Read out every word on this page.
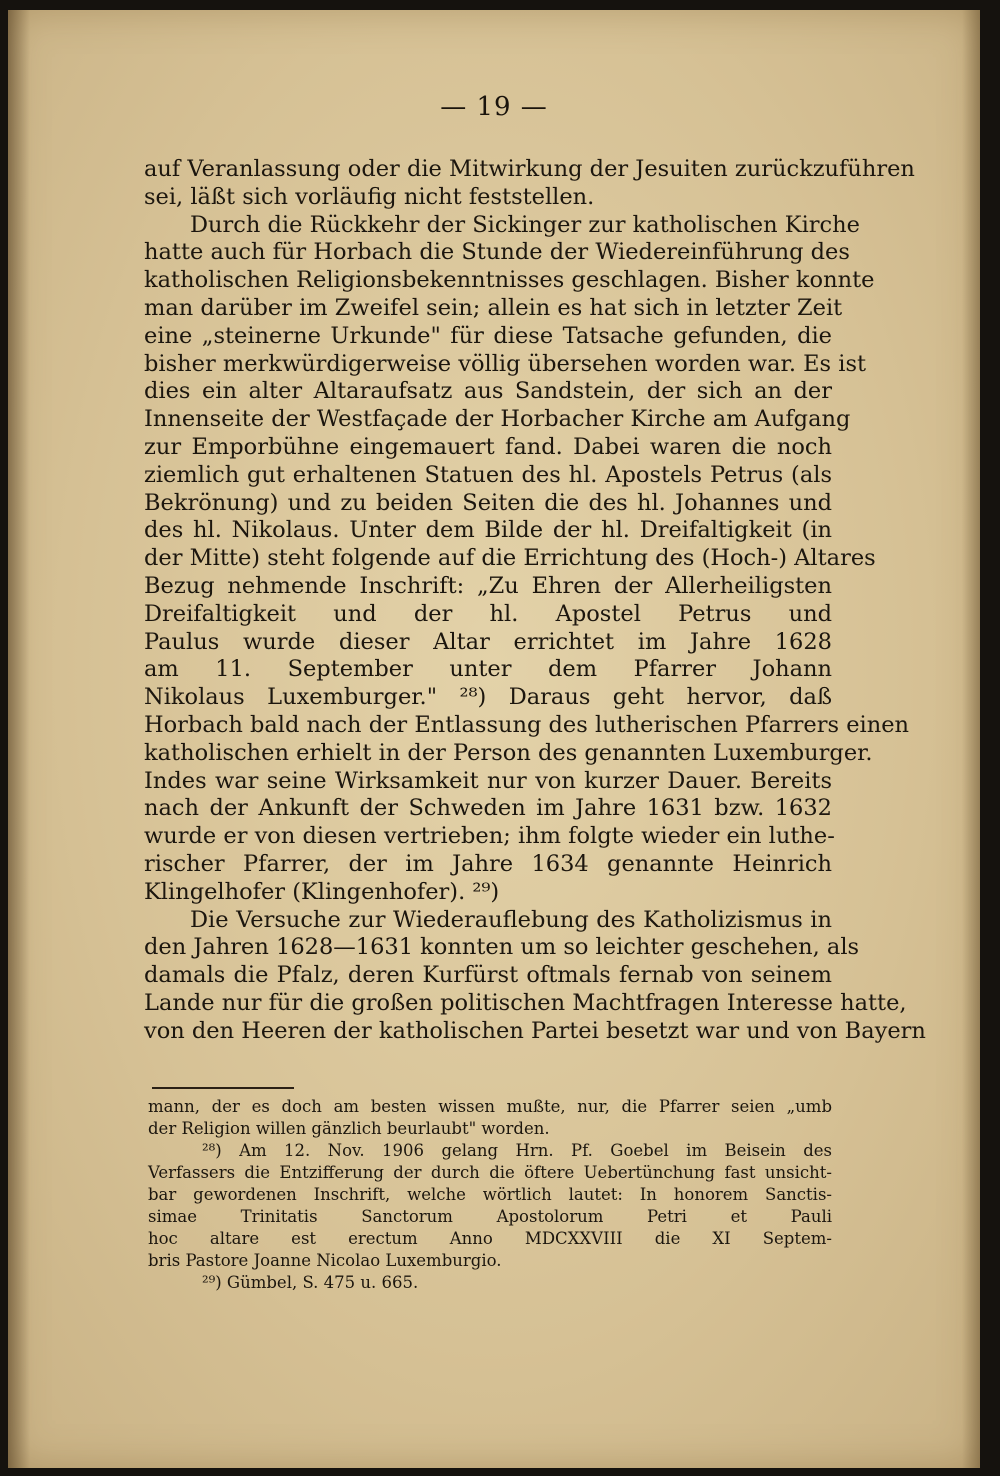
— 19 —
auf Veranlassung oder die Mitwirkung der Jesuiten zurückzuführen
sei, läßt sich vorläufig nicht feststellen.
Durch die Rückkehr der Sickinger zur katholischen Kirche
hatte auch für Horbach die Stunde der Wiedereinführung des
katholischen Religionsbekenntnisses geschlagen. Bisher konnte
man darüber im Zweifel sein; allein es hat sich in letzter Zeit
eine „steinerne Urkunde" für diese Tatsache gefunden, die
bisher merkwürdigerweise völlig übersehen worden war. Es ist
dies ein alter Altaraufsatz aus Sandstein, der sich an der
Innenseite der Westfaçade der Horbacher Kirche am Aufgang
zur Emporbühne eingemauert fand. Dabei waren die noch
ziemlich gut erhaltenen Statuen des hl. Apostels Petrus (als
Bekrönung) und zu beiden Seiten die des hl. Johannes und
des hl. Nikolaus. Unter dem Bilde der hl. Dreifaltigkeit (in
der Mitte) steht folgende auf die Errichtung des (Hoch-) Altares
Bezug nehmende Inschrift: „Zu Ehren der Allerheiligsten
Dreifaltigkeit und der hl. Apostel Petrus und
Paulus wurde dieser Altar errichtet im Jahre 1628
am 11. September unter dem Pfarrer Johann
Nikolaus Luxemburger." ²⁸) Daraus geht hervor, daß
Horbach bald nach der Entlassung des lutherischen Pfarrers einen
katholischen erhielt in der Person des genannten Luxemburger.
Indes war seine Wirksamkeit nur von kurzer Dauer. Bereits
nach der Ankunft der Schweden im Jahre 1631 bzw. 1632
wurde er von diesen vertrieben; ihm folgte wieder ein luthe-
rischer Pfarrer, der im Jahre 1634 genannte Heinrich
Klingelhofer (Klingenhofer). ²⁹)
Die Versuche zur Wiederauflebung des Katholizismus in
den Jahren 1628—1631 konnten um so leichter geschehen, als
damals die Pfalz, deren Kurfürst oftmals fernab von seinem
Lande nur für die großen politischen Machtfragen Interesse hatte,
von den Heeren der katholischen Partei besetzt war und von Bayern
mann, der es doch am besten wissen mußte, nur, die Pfarrer seien „umb
der Religion willen gänzlich beurlaubt" worden.
²⁸) Am 12. Nov. 1906 gelang Hrn. Pf. Goebel im Beisein des
Verfassers die Entzifferung der durch die öftere Uebertünchung fast unsicht-
bar gewordenen Inschrift, welche wörtlich lautet: In honorem Sanctis-
simae Trinitatis Sanctorum Apostolorum Petri et Pauli
hoc altare est erectum Anno MDCXXVIII die XI Septem-
bris Pastore Joanne Nicolao Luxemburgio.
²⁹) Gümbel, S. 475 u. 665.
